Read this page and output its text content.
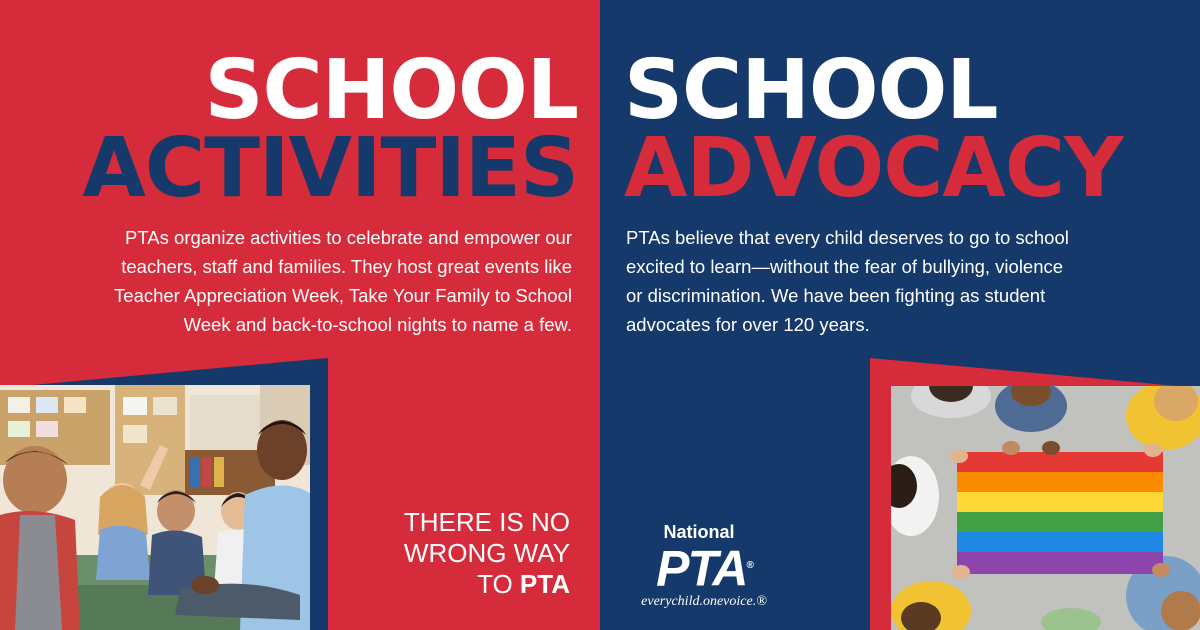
SCHOOL
ACTIVITIES

PTAs organize activities to celebrate and empower our
teachers, staff and families. They host great events like
Teacher Appreciation Week, Take Your Family to School
Week and back-to-school nights to name a few.

THERE IS NO
WRONG WAY
TO PTA
SCHOOL
ADVOCACY

PTAs believe that every child deserves to go to school
excited to learn—without the fear of bullying, violence
or discrimination. We have been fighting as student
advocates for over 120 years.

National
PTA®
everychild.onevoice.®
